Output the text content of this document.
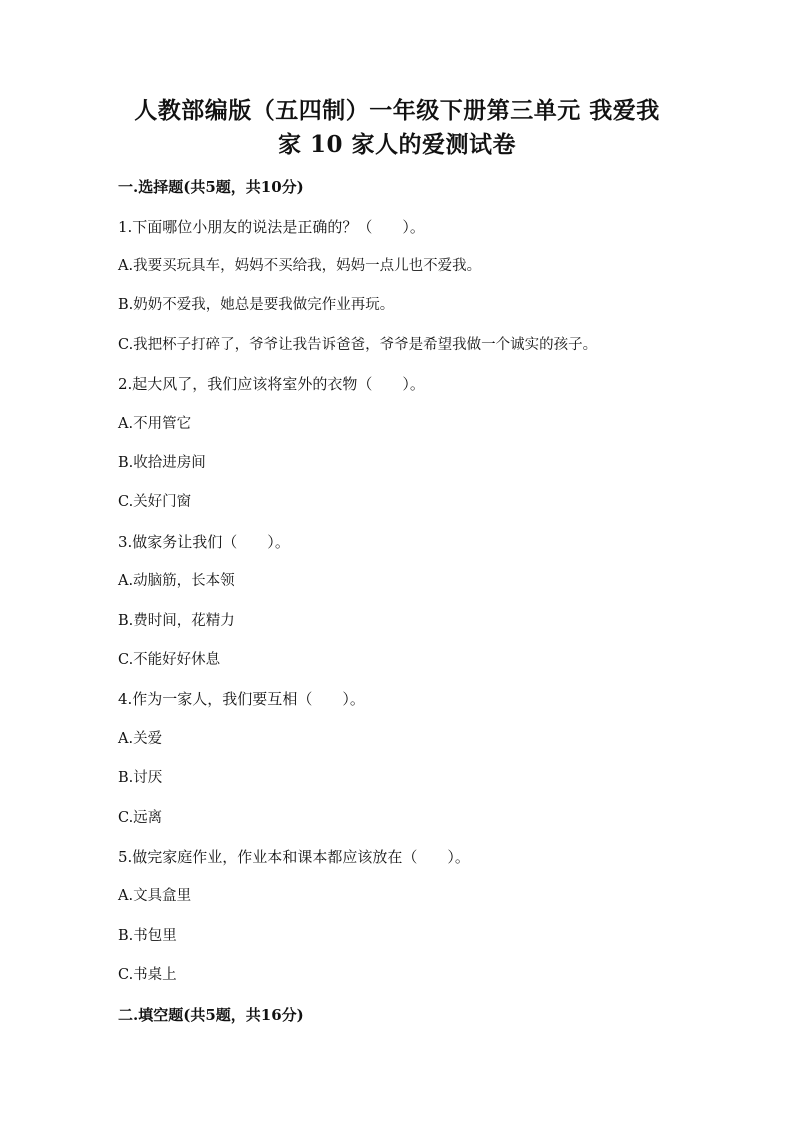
人教部编版（五四制）一年级下册第三单元 我爱我
家 10 家人的爱测试卷
一.选择题(共5题，共10分)
1.下面哪位小朋友的说法是正确的？（　　）。
A.我要买玩具车，妈妈不买给我，妈妈一点儿也不爱我。
B.奶奶不爱我，她总是要我做完作业再玩。
C.我把杯子打碎了，爷爷让我告诉爸爸，爷爷是希望我做一个诚实的孩子。
2.起大风了，我们应该将室外的衣物（　　）。
A.不用管它
B.收拾进房间
C.关好门窗
3.做家务让我们（　　）。
A.动脑筋，长本领
B.费时间，花精力
C.不能好好休息
4.作为一家人，我们要互相（　　）。
A.关爱
B.讨厌
C.远离
5.做完家庭作业，作业本和课本都应该放在（　　）。
A.文具盒里
B.书包里
C.书桌上
二.填空题(共5题，共16分)
